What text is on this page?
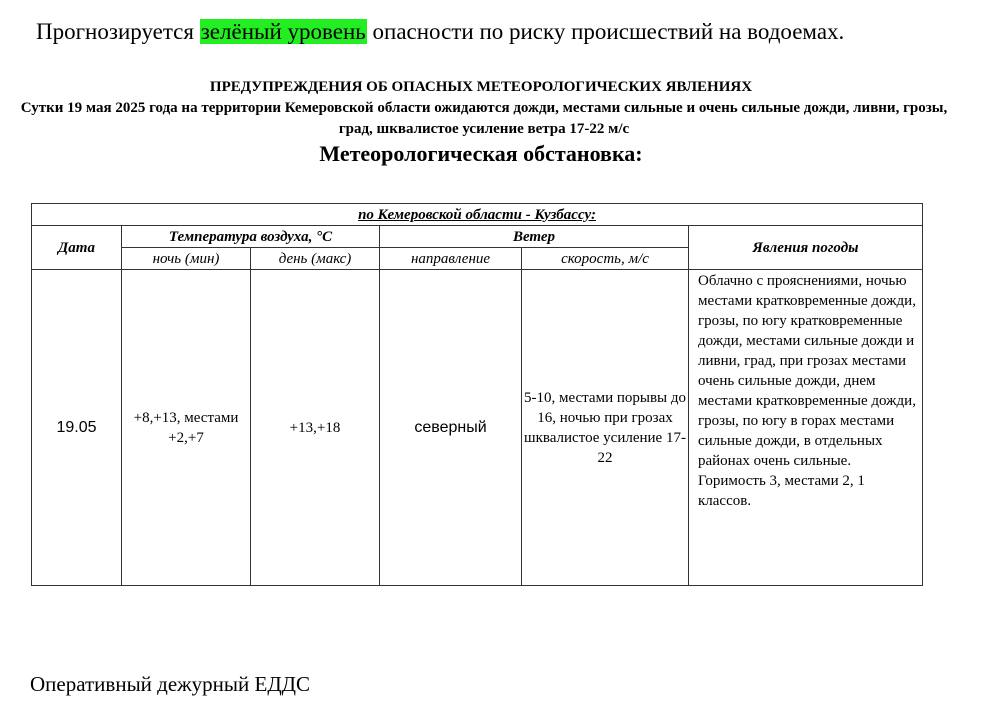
Прогнозируется зелёный уровень опасности по риску происшествий на водоемах.
ПРЕДУПРЕЖДЕНИЯ ОБ ОПАСНЫХ МЕТЕОРОЛОГИЧЕСКИХ ЯВЛЕНИЯХ
Сутки 19 мая 2025 года на территории Кемеровской области ожидаются дожди, местами сильные и очень сильные дожди, ливни, грозы, град, шквалистое усиление ветра 17-22 м/с
Метеорологическая обстановка:
по Кемеровской области - Кузбассу:					
Дата	Температура воздуха, °С		Ветер		Явления погоды
	ночь (мин)	день (макс)	направление	скорость, м/с	
19.05	+8,+13, местами +2,+7	+13,+18	северный	5-10, местами порывы до 16, ночью при грозах шквалистое усиление 17-22	Облачно с прояснениями, ночью местами кратковременные дожди, грозы, по югу кратковременные дожди, местами сильные дожди и ливни, град, при грозах местами очень сильные дожди, днем местами кратковременные дожди, грозы, по югу в горах местами сильные дожди, в отдельных районах очень сильные. Горимость 3, местами 2, 1 классов.
Оперативный дежурный ЕДДС
